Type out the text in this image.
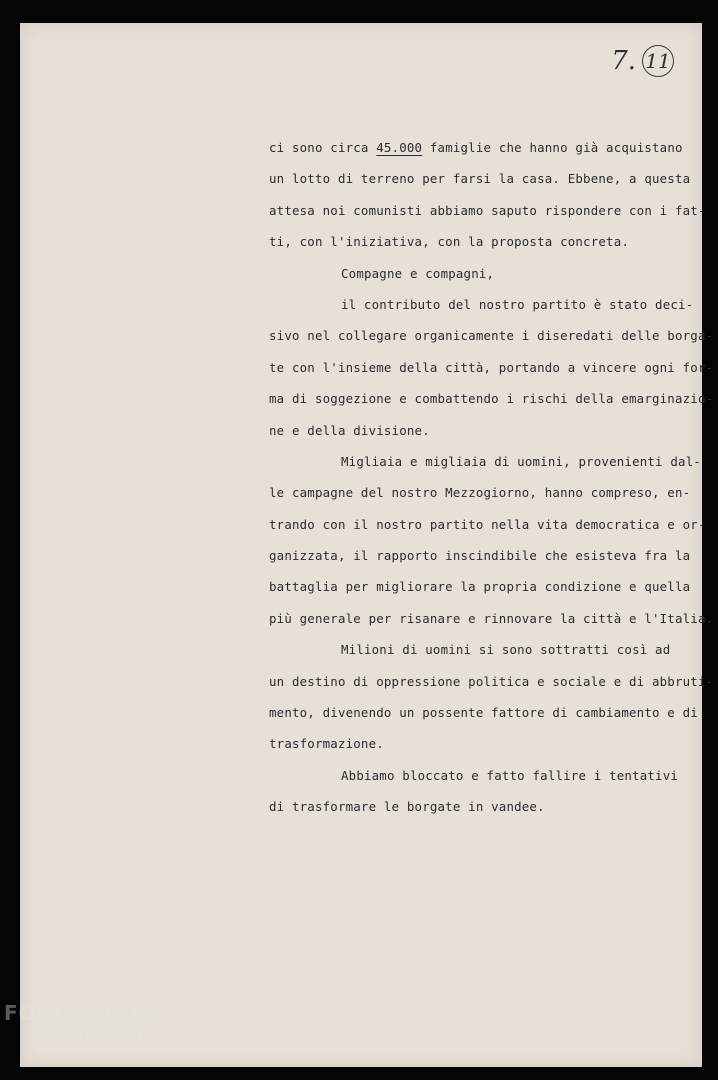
7. 11
ci sono circa 45.000 famiglie che hanno già acquistano
un lotto di terreno per farsi la casa. Ebbene, a questa
attesa noi comunisti abbiamo saputo rispondere con i fat-
ti, con l'iniziativa, con la proposta concreta.
Compagne e compagni,
il contributo del nostro partito è stato deci-
sivo nel collegare organicamente i diseredati delle borga-
te con l'insieme della città, portando a vincere ogni for-
ma di soggezione e combattendo i rischi della emarginazio-
ne e della divisione.
Migliaia e migliaia di uomini, provenienti dal-
le campagne del nostro Mezzogiorno, hanno compreso, en-
trando con il nostro partito nella vita democratica e or-
ganizzata, il rapporto inscindibile che esisteva fra la
battaglia per migliorare la propria condizione e quella
più generale per risanare e rinnovare la città e l'Italia.
Milioni di uomini si sono sottratti così ad
un destino di oppressione politica e sociale e di abbruti-
mento, divenendo un possente fattore di cambiamento e di
trasformazione.
Abbiamo bloccato e fatto fallire i tentativi
di trasformare le borgate in vandee.
FONDAZIONE
GRAMSCI
onlus
